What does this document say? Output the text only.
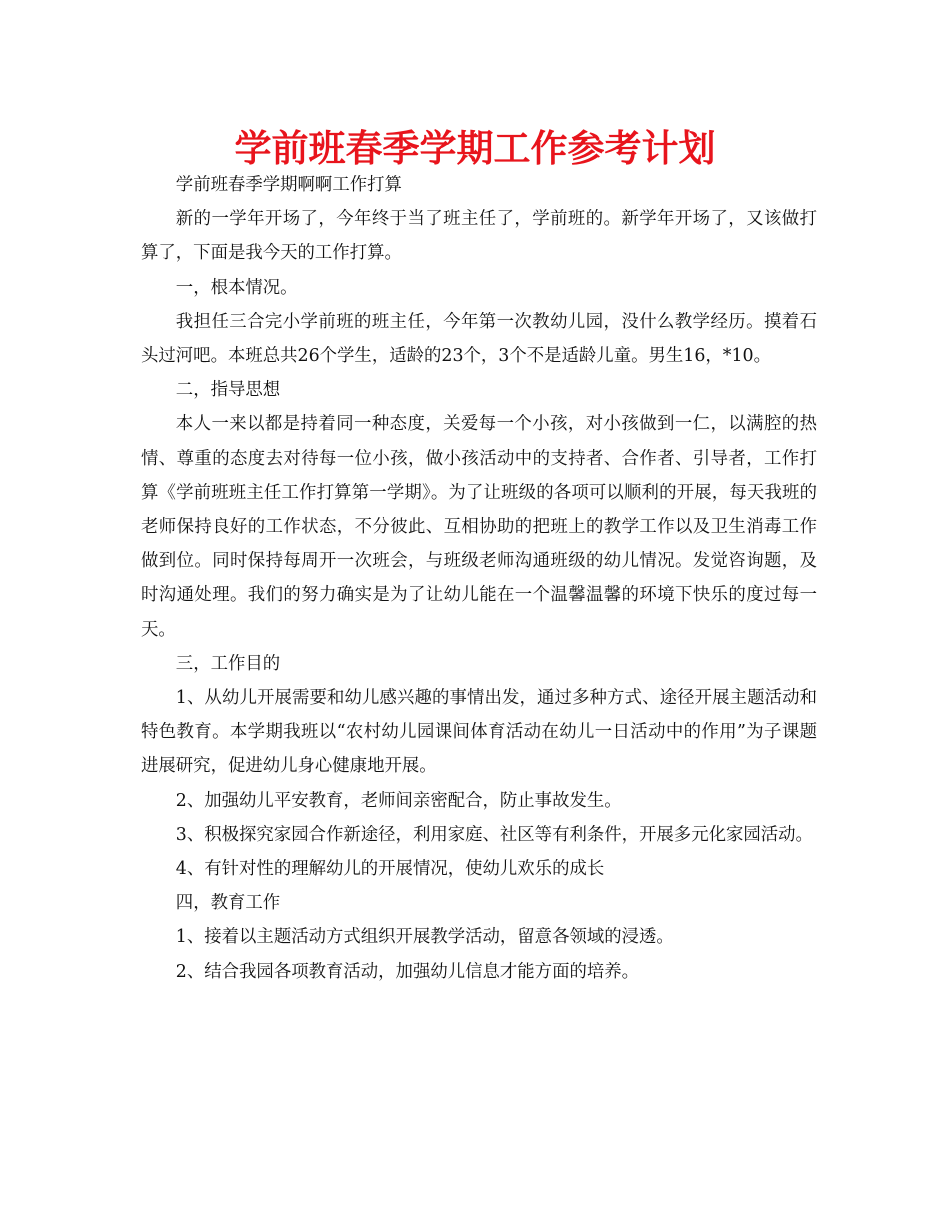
学前班春季学期工作参考计划

学前班春季学期啊啊工作打算

新的一学年开场了，今年终于当了班主任了，学前班的。新学年开场了，又该做打算了，下面是我今天的工作打算。

一，根本情况。

我担任三合完小学前班的班主任，今年第一次教幼儿园，没什么教学经历。摸着石头过河吧。本班总共26个学生，适龄的23个，3个不是适龄儿童。男生16，*10。

二，指导思想

本人一来以都是持着同一种态度，关爱每一个小孩，对小孩做到一仁，以满腔的热情、尊重的态度去对待每一位小孩，做小孩活动中的支持者、合作者、引导者，工作打算《学前班班主任工作打算第一学期》。为了让班级的各项可以顺利的开展，每天我班的老师保持良好的工作状态，不分彼此、互相协助的把班上的教学工作以及卫生消毒工作做到位。同时保持每周开一次班会，与班级老师沟通班级的幼儿情况。发觉咨询题，及时沟通处理。我们的努力确实是为了让幼儿能在一个温馨温馨的环境下快乐的度过每一天。

三，工作目的

1、从幼儿开展需要和幼儿感兴趣的事情出发，通过多种方式、途径开展主题活动和特色教育。本学期我班以“农村幼儿园课间体育活动在幼儿一日活动中的作用”为子课题进展研究，促进幼儿身心健康地开展。

2、加强幼儿平安教育，老师间亲密配合，防止事故发生。

3、积极探究家园合作新途径，利用家庭、社区等有利条件，开展多元化家园活动。

4、有针对性的理解幼儿的开展情况，使幼儿欢乐的成长

四，教育工作

1、接着以主题活动方式组织开展教学活动，留意各领域的浸透。

2、结合我园各项教育活动，加强幼儿信息才能方面的培养。
